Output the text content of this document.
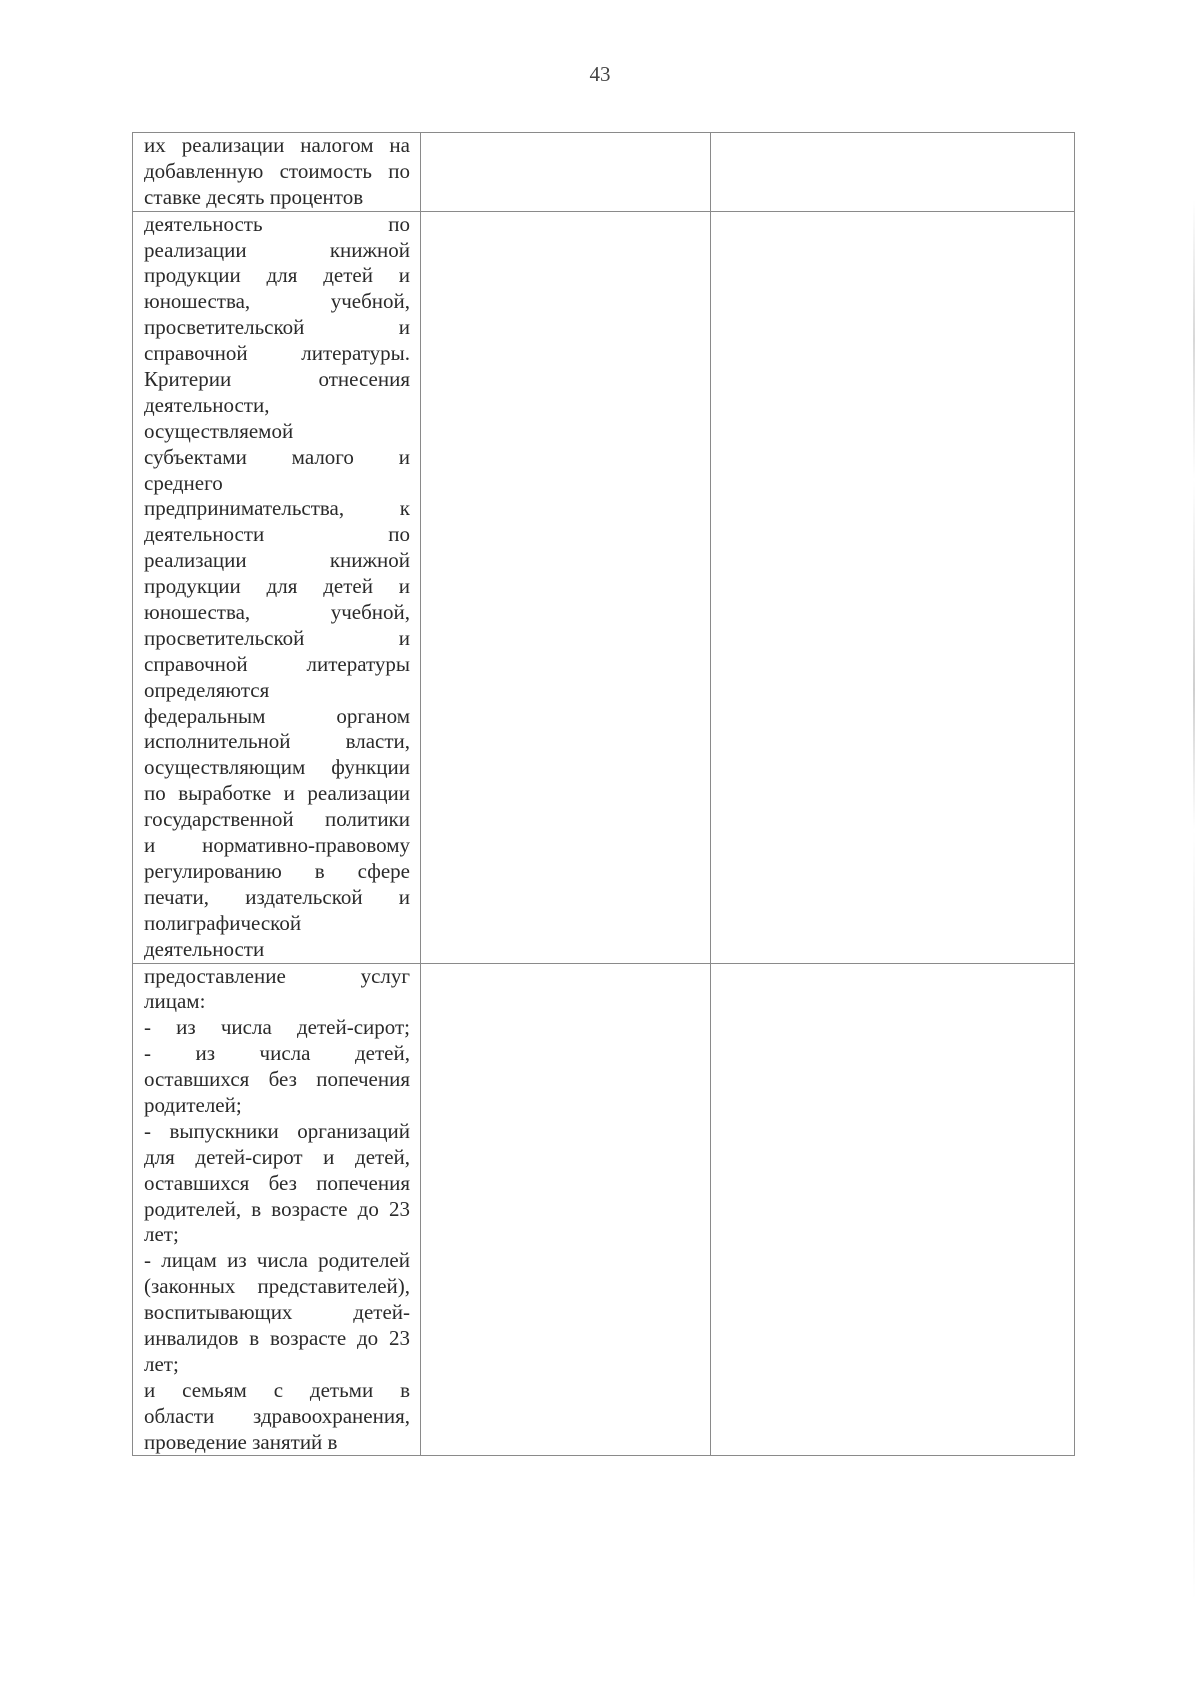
43
их реализации налогом на
добавленную стоимость по
ставке десять процентов		

деятельность по
реализации книжной
продукции для детей и
юношества, учебной,
просветительской и
справочной литературы.
Критерии отнесения
деятельности,
осуществляемой
субъектами малого и
среднего
предпринимательства, к
деятельности по
реализации книжной
продукции для детей и
юношества, учебной,
просветительской и
справочной литературы
определяются
федеральным органом
исполнительной власти,
осуществляющим функции
по выработке и реализации
государственной политики
и нормативно-правовому
регулированию в сфере
печати, издательской и
полиграфической
деятельности

предоставление услуг
лицам:
- из числа детей-сирот;
- из числа детей,
оставшихся без попечения
родителей;
- выпускники организаций
для детей-сирот и детей,
оставшихся без попечения
родителей, в возрасте до 23
лет;
- лицам из числа родителей
(законных представителей),
воспитывающих детей-
инвалидов в возрасте до 23
лет;
и семьям с детьми в
области здравоохранения,
проведение занятий в
